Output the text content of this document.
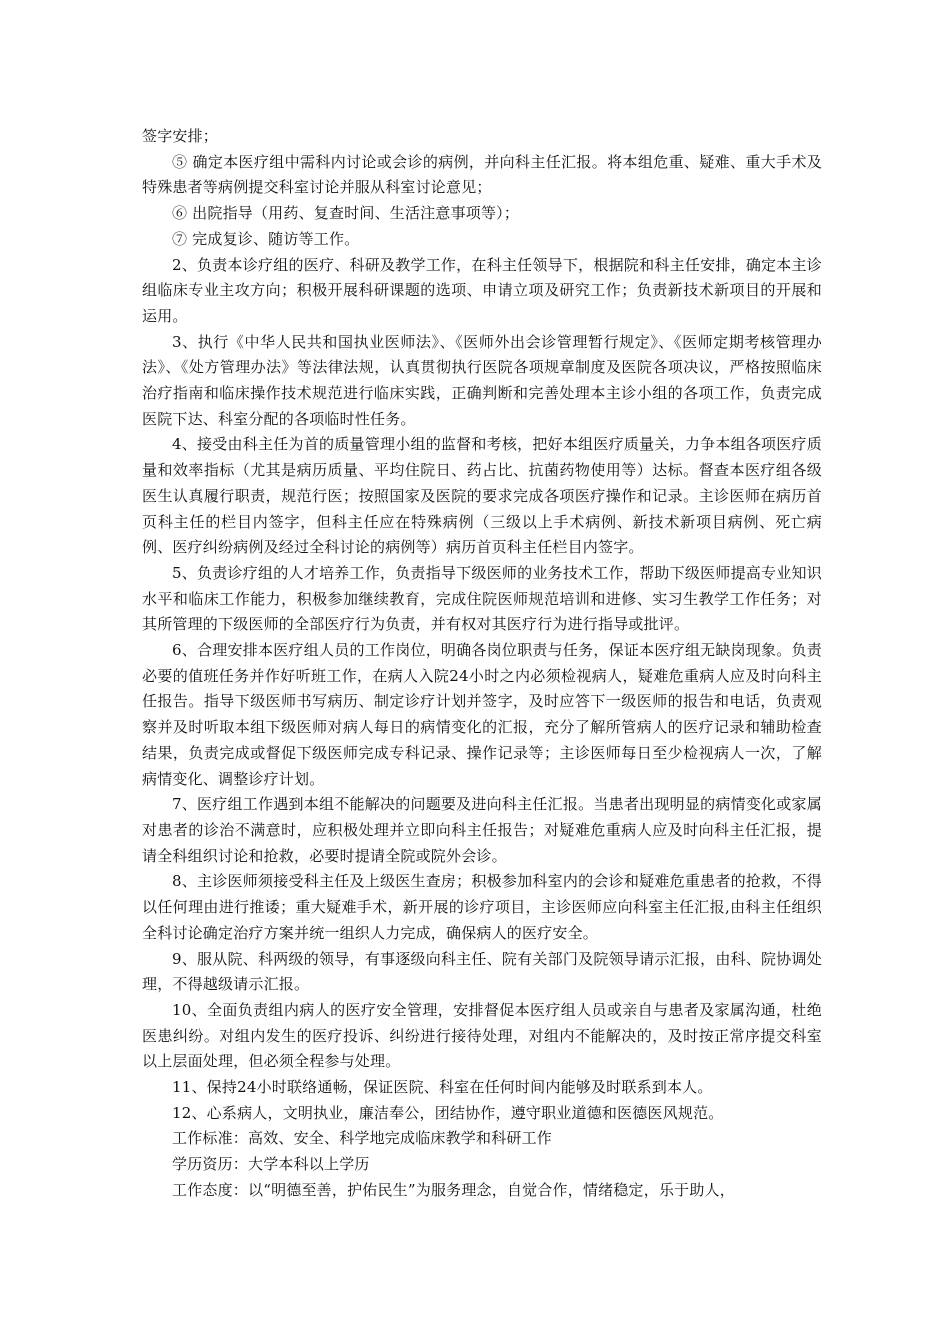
签字安排；

⑤ 确定本医疗组中需科内讨论或会诊的病例，并向科主任汇报。将本组危重、疑难、重大手术及特殊患者等病例提交科室讨论并服从科室讨论意见；

⑥ 出院指导（用药、复查时间、生活注意事项等）；

⑦ 完成复诊、随访等工作。

2、负责本诊疗组的医疗、科研及教学工作，在科主任领导下，根据院和科主任安排，确定本主诊组临床专业主攻方向；积极开展科研课题的选项、申请立项及研究工作；负责新技术新项目的开展和运用。

3、执行《中华人民共和国执业医师法》、《医师外出会诊管理暂行规定》、《医师定期考核管理办法》、《处方管理办法》等法律法规，认真贯彻执行医院各项规章制度及医院各项决议，严格按照临床治疗指南和临床操作技术规范进行临床实践，正确判断和完善处理本主诊小组的各项工作，负责完成医院下达、科室分配的各项临时性任务。

4、接受由科主任为首的质量管理小组的监督和考核，把好本组医疗质量关，力争本组各项医疗质量和效率指标（尤其是病历质量、平均住院日、药占比、抗菌药物使用等）达标。督查本医疗组各级医生认真履行职责，规范行医；按照国家及医院的要求完成各项医疗操作和记录。主诊医师在病历首页科主任的栏目内签字，但科主任应在特殊病例（三级以上手术病例、新技术新项目病例、死亡病例、医疗纠纷病例及经过全科讨论的病例等）病历首页科主任栏目内签字。

5、负责诊疗组的人才培养工作，负责指导下级医师的业务技术工作，帮助下级医师提高专业知识水平和临床工作能力，积极参加继续教育，完成住院医师规范培训和进修、实习生教学工作任务；对其所管理的下级医师的全部医疗行为负责，并有权对其医疗行为进行指导或批评。

6、合理安排本医疗组人员的工作岗位，明确各岗位职责与任务，保证本医疗组无缺岗现象。负责必要的值班任务并作好听班工作，在病人入院24小时之内必须检视病人，疑难危重病人应及时向科主任报告。指导下级医师书写病历、制定诊疗计划并签字，及时应答下一级医师的报告和电话，负责观察并及时听取本组下级医师对病人每日的病情变化的汇报，充分了解所管病人的医疗记录和辅助检查结果，负责完成或督促下级医师完成专科记录、操作记录等；主诊医师每日至少检视病人一次，了解病情变化、调整诊疗计划。

7、医疗组工作遇到本组不能解决的问题要及进向科主任汇报。当患者出现明显的病情变化或家属对患者的诊治不满意时，应积极处理并立即向科主任报告；对疑难危重病人应及时向科主任汇报，提请全科组织讨论和抢救，必要时提请全院或院外会诊。

8、主诊医师须接受科主任及上级医生查房；积极参加科室内的会诊和疑难危重患者的抢救，不得以任何理由进行推诿；重大疑难手术，新开展的诊疗项目，主诊医师应向科室主任汇报,由科主任组织全科讨论确定治疗方案并统一组织人力完成，确保病人的医疗安全。

9、服从院、科两级的领导，有事逐级向科主任、院有关部门及院领导请示汇报，由科、院协调处理，不得越级请示汇报。

10、全面负责组内病人的医疗安全管理，安排督促本医疗组人员或亲自与患者及家属沟通，杜绝医患纠纷。对组内发生的医疗投诉、纠纷进行接待处理，对组内不能解决的，及时按正常序提交科室以上层面处理，但必须全程参与处理。

11、保持24小时联络通畅，保证医院、科室在任何时间内能够及时联系到本人。

12、心系病人，文明执业，廉洁奉公，团结协作，遵守职业道德和医德医风规范。

工作标准：高效、安全、科学地完成临床教学和科研工作

学历资历：大学本科以上学历

工作态度：以“明德至善，护佑民生”为服务理念，自觉合作，情绪稳定，乐于助人，
